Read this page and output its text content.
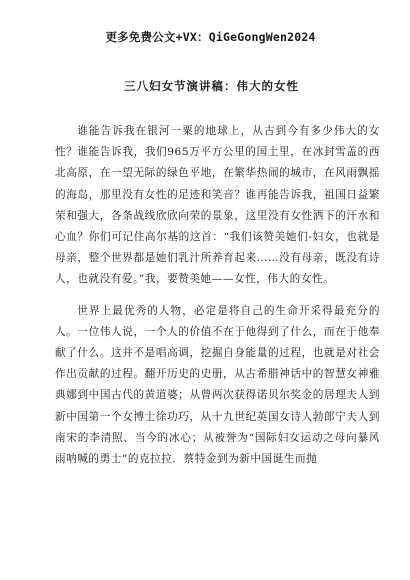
更多免费公文+VX：QiGeGongWen2024
三八妇女节演讲稿：伟大的女性

谁能告诉我在银河一粟的地球上，从古到今有多少伟大的女性？谁能告诉我，我们965万平方公里的国土里，在冰封雪盖的西北高原，在一望无际的绿色平地，在繁华热闹的城市，在风雨飘摇的海岛，那里没有女性的足迹和笑音？谁再能告诉我，祖国日益繁荣和强大，各条战线欣欣向荣的景象，这里没有女性洒下的汗水和心血？你们可记住高尔基的这首：“我们该赞美她们-妇女，也就是母亲，整个世界都是她们乳汁所养育起来……没有母亲，既没有诗人，也就没有爱。”我，要赞美她——女性，伟大的女性。

世界上最优秀的人物，必定是将自己的生命开采得最充分的人。一位伟人说，一个人的价值不在于他得到了什么，而在于他奉献了什么。这并不是唱高调，挖掘自身能量的过程，也就是对社会作出贡献的过程。翻开历史的史册，从古希腊神话中的智慧女神雅典娜到中国古代的黄道婆；从曾两次获得诺贝尔奖金的居理夫人到新中国第一个女博士徐功巧，从十九世纪英国女诗人勃郎宁夫人到南宋的李清照、当今的冰心；从被誉为“国际妇女运动之母向暴风雨呐喊的勇士”的克拉拉．蔡特金到为新中国诞生而抛
